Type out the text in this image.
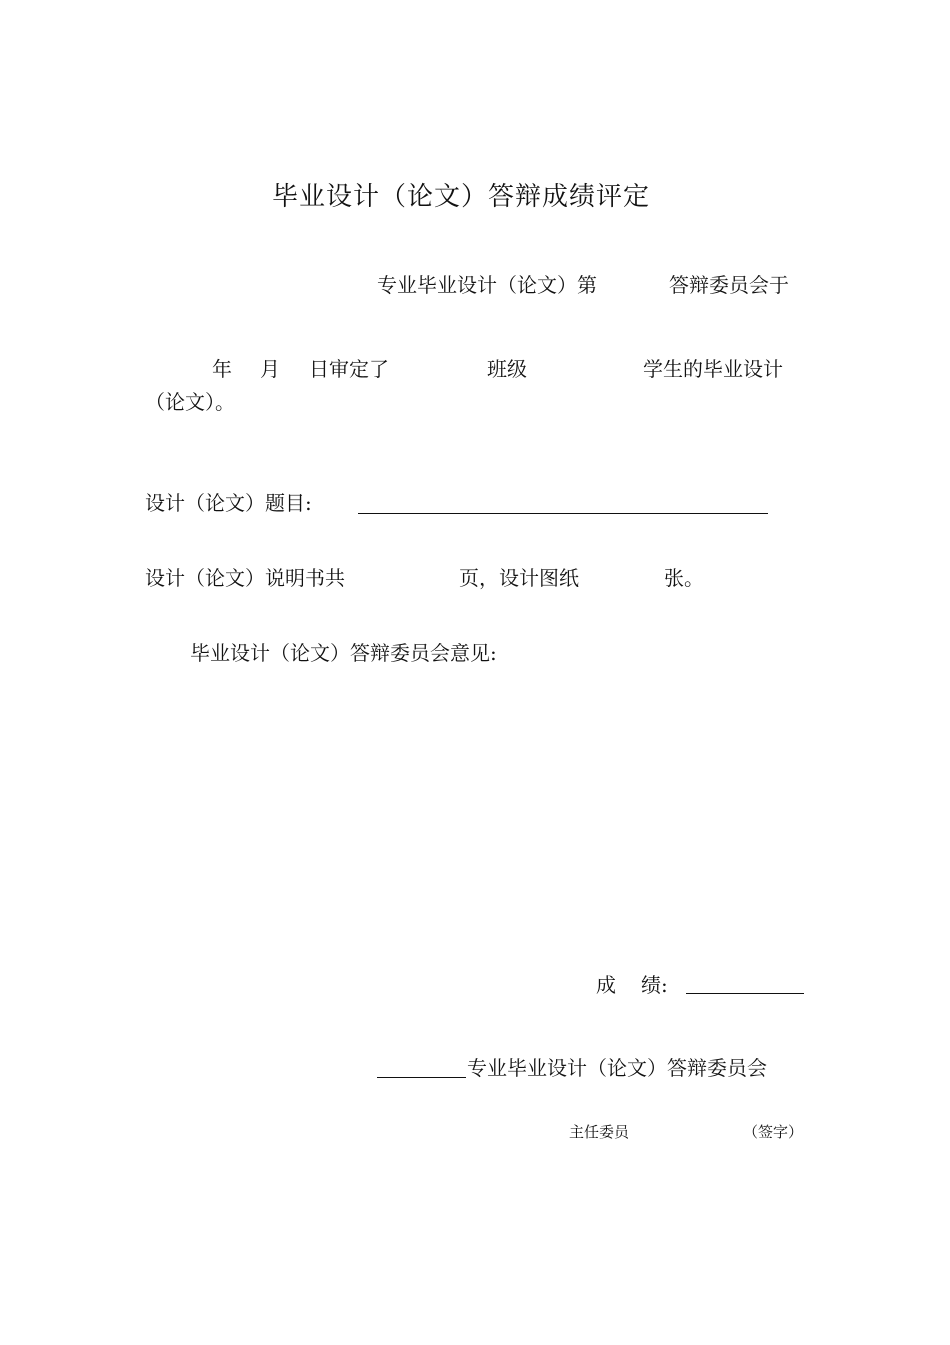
毕业设计（论文）答辩成绩评定
专业毕业设计（论文）第	答辩委员会于
年 月 日审定了	班级	学生的毕业设计
（论文）。
设计（论文）题目:
设计（论文）说明书共	页，设计图纸	张。
毕业设计（论文）答辩委员会意见:
成 绩:
专业毕业设计（论文）答辩委员会
主任委员	（签字）
